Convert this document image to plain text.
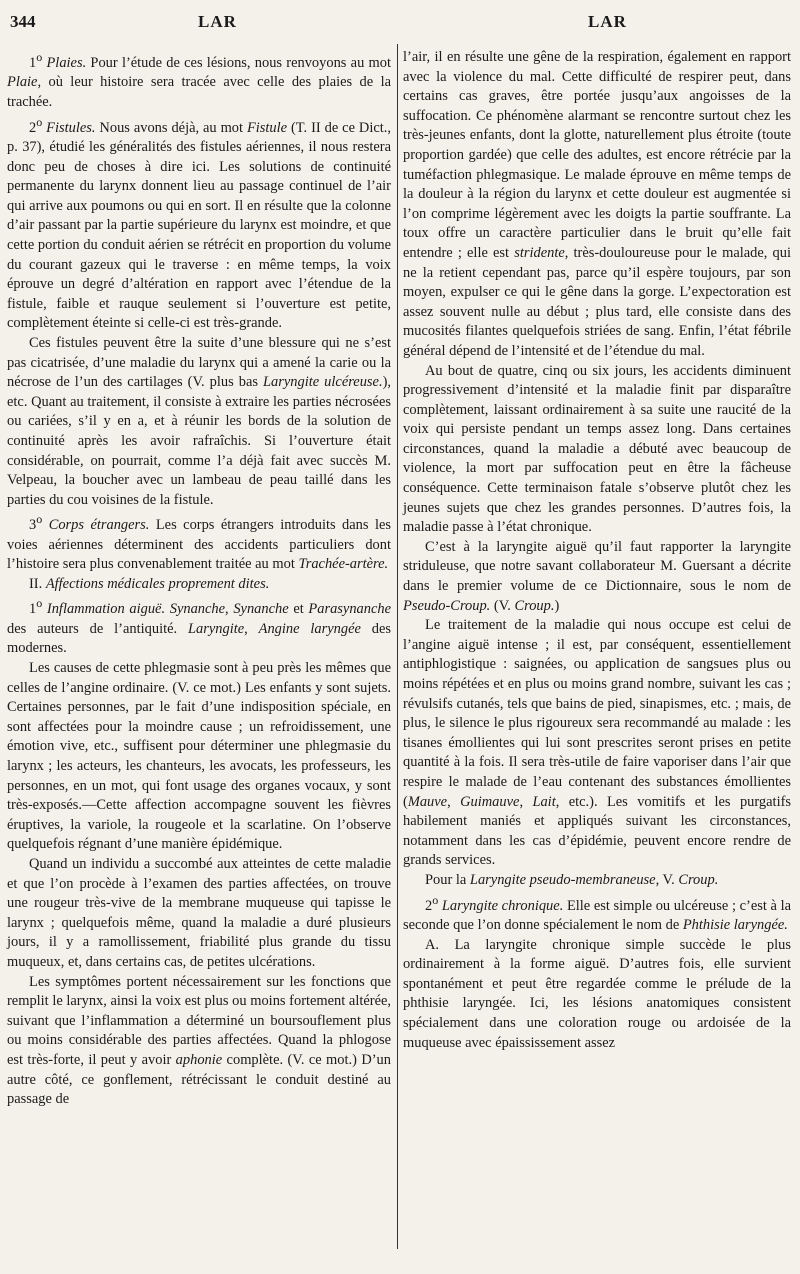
344	LAR	LAR

1$^o$ Plaies. Pour l’étude de ces lésions, nous renvoyons au mot Plaie, où leur histoire sera tracée avec celle des plaies de la trachée.

2$^o$ Fistules. Nous avons déjà, au mot Fistule (T. II de ce Dict., p. 37), étudié les généralités des fistules aériennes, il nous restera donc peu de choses à dire ici. Les solutions de continuité permanente du larynx donnent lieu au passage continuel de l’air qui arrive aux poumons ou qui en sort. Il en résulte que la colonne d’air passant par la partie supérieure du larynx est moindre, et que cette portion du conduit aérien se rétrécit en proportion du volume du courant gazeux qui le traverse : en même temps, la voix éprouve un degré d’altération en rapport avec l’étendue de la fistule, faible et rauque seulement si l’ouverture est petite, complètement éteinte si celle-ci est très-grande.

Ces fistules peuvent être la suite d’une blessure qui ne s’est pas cicatrisée, d’une maladie du larynx qui a amené la carie ou la nécrose de l’un des cartilages (V. plus bas Laryngite ulcéreuse.), etc. Quant au traitement, il consiste à extraire les parties nécrosées ou cariées, s’il y en a, et à réunir les bords de la solution de continuité après les avoir rafraîchis. Si l’ouverture était considérable, on pourrait, comme l’a déjà fait avec succès M. Velpeau, la boucher avec un lambeau de peau taillé dans les parties du cou voisines de la fistule.

3$^o$ Corps étrangers. Les corps étrangers introduits dans les voies aériennes déterminent des accidents particuliers dont l’histoire sera plus convenablement traitée au mot Trachée-artère.

II. Affections médicales proprement dites.

1$^o$ Inflammation aiguë. Synanche, Synanche et Parasynanche des auteurs de l’antiquité. Laryngite, Angine laryngée des modernes.

Les causes de cette phlegmasie sont à peu près les mêmes que celles de l’angine ordinaire. (V. ce mot.) Les enfants y sont sujets. Certaines personnes, par le fait d’une indisposition spéciale, en sont affectées pour la moindre cause ; un refroidissement, une émotion vive, etc., suffisent pour déterminer une phlegmasie du larynx ; les acteurs, les chanteurs, les avocats, les professeurs, les personnes, en un mot, qui font usage des organes vocaux, y sont très-exposés.—Cette affection accompagne souvent les fièvres éruptives, la variole, la rougeole et la scarlatine. On l’observe quelquefois régnant d’une manière épidémique.

Quand un individu a succombé aux atteintes de cette maladie et que l’on procède à l’examen des parties affectées, on trouve une rougeur très-vive de la membrane muqueuse qui tapisse le larynx ; quelquefois même, quand la maladie a duré plusieurs jours, il y a ramollissement, friabilité plus grande du tissu muqueux, et, dans certains cas, de petites ulcérations.

Les symptômes portent nécessairement sur les fonctions que remplit le larynx, ainsi la voix est plus ou moins fortement altérée, suivant que l’inflammation a déterminé un boursouflement plus ou moins considérable des parties affectées. Quand la phlogose est très-forte, il peut y avoir aphonie complète. (V. ce mot.) D’un autre côté, ce gonflement, rétrécissant le conduit destiné au passage de

l’air, il en résulte une gêne de la respiration, également en rapport avec la violence du mal. Cette difficulté de respirer peut, dans certains cas graves, être portée jusqu’aux angoisses de la suffocation. Ce phénomène alarmant se rencontre surtout chez les très-jeunes enfants, dont la glotte, naturellement plus étroite (toute proportion gardée) que celle des adultes, est encore rétrécie par la tuméfaction phlegmasique. Le malade éprouve en même temps de la douleur à la région du larynx et cette douleur est augmentée si l’on comprime légèrement avec les doigts la partie souffrante. La toux offre un caractère particulier dans le bruit qu’elle fait entendre ; elle est stridente, très-douloureuse pour le malade, qui ne la retient cependant pas, parce qu’il espère toujours, par son moyen, expulser ce qui le gêne dans la gorge. L’expectoration est assez souvent nulle au début ; plus tard, elle consiste dans des mucosités filantes quelquefois striées de sang. Enfin, l’état fébrile général dépend de l’intensité et de l’étendue du mal.

Au bout de quatre, cinq ou six jours, les accidents diminuent progressivement d’intensité et la maladie finit par disparaître complètement, laissant ordinairement à sa suite une raucité de la voix qui persiste pendant un temps assez long. Dans certaines circonstances, quand la maladie a débuté avec beaucoup de violence, la mort par suffocation peut en être la fâcheuse conséquence. Cette terminaison fatale s’observe plutôt chez les jeunes sujets que chez les grandes personnes. D’autres fois, la maladie passe à l’état chronique.

C’est à la laryngite aiguë qu’il faut rapporter la laryngite striduleuse, que notre savant collaborateur M. Guersant a décrite dans le premier volume de ce Dictionnaire, sous le nom de Pseudo-Croup. (V. Croup.)

Le traitement de la maladie qui nous occupe est celui de l’angine aiguë intense ; il est, par conséquent, essentiellement antiphlogistique : saignées, ou application de sangsues plus ou moins répétées et en plus ou moins grand nombre, suivant les cas ; révulsifs cutanés, tels que bains de pied, sinapismes, etc. ; mais, de plus, le silence le plus rigoureux sera recommandé au malade : les tisanes émollientes qui lui sont prescrites seront prises en petite quantité à la fois. Il sera très-utile de faire vaporiser dans l’air que respire le malade de l’eau contenant des substances émollientes (Mauve, Guimauve, Lait, etc.). Les vomitifs et les purgatifs habilement maniés et appliqués suivant les circonstances, notamment dans les cas d’épidémie, peuvent encore rendre de grands services.

Pour la Laryngite pseudo-membraneuse, V. Croup.

2$^o$ Laryngite chronique. Elle est simple ou ulcéreuse ; c’est à la seconde que l’on donne spécialement le nom de Phthisie laryngée.

A. La laryngite chronique simple succède le plus ordinairement à la forme aiguë. D’autres fois, elle survient spontanément et peut être regardée comme le prélude de la phthisie laryngée. Ici, les lésions anatomiques consistent spécialement dans une coloration rouge ou ardoisée de la muqueuse avec épaississement assez
